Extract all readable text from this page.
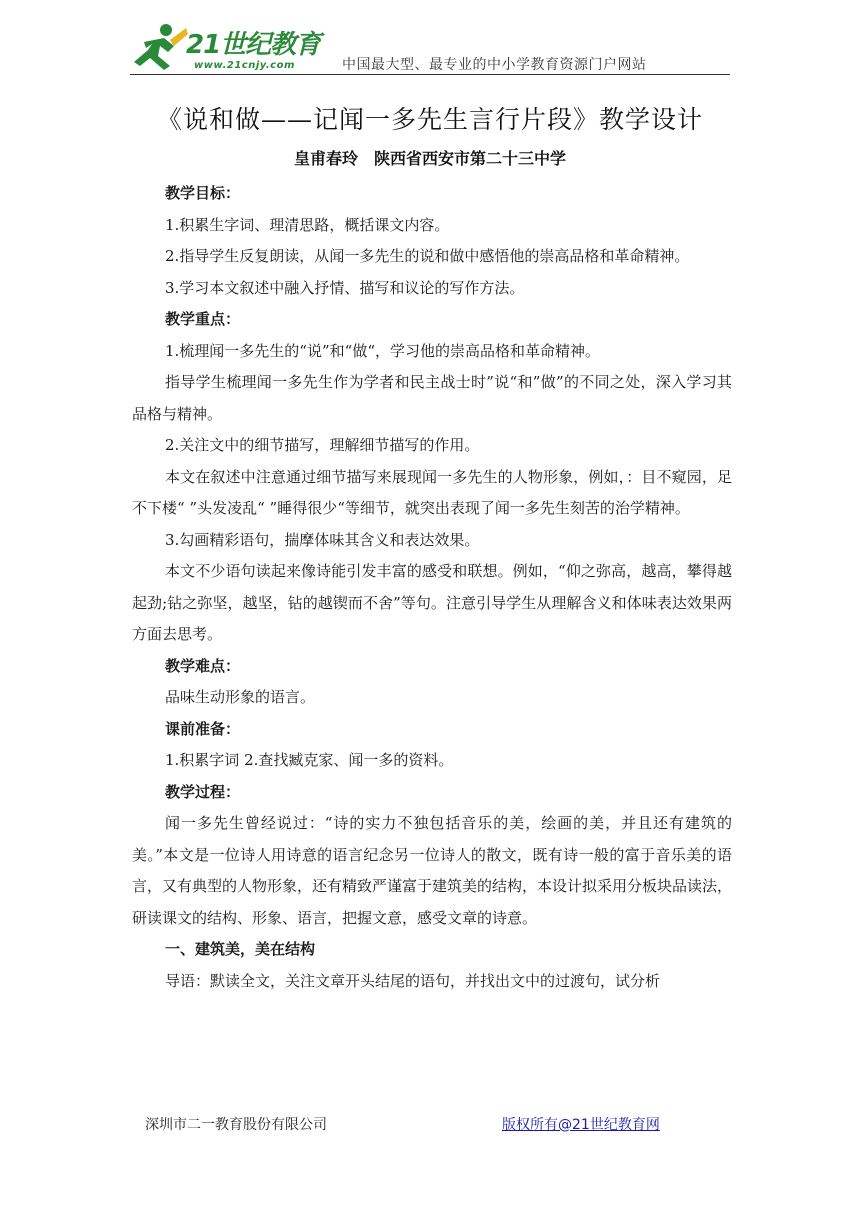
21世纪教育
www.21cnjy.com	中国最大型、最专业的中小学教育资源门户网站
《说和做——记闻一多先生言行片段》教学设计
皇甫春玲　陕西省西安市第二十三中学

教学目标：

1.积累生字词、理清思路，概括课文内容。

2.指导学生反复朗读，从闻一多先生的说和做中感悟他的崇高品格和革命精神。

3.学习本文叙述中融入抒情、描写和议论的写作方法。

教学重点：

1.梳理闻一多先生的“说”和“做“，学习他的崇高品格和革命精神。

指导学生梳理闻一多先生作为学者和民主战士时”说“和”做”的不同之处，深入学习其品格与精神。

2.关注文中的细节描写，理解细节描写的作用。

本文在叙述中注意通过细节描写来展现闻一多先生的人物形象，例如，：目不窥园，足不下楼“ ”头发凌乱“ ”睡得很少“等细节，就突出表现了闻一多先生刻苦的治学精神。

3.勾画精彩语句，揣摩体味其含义和表达效果。

本文不少语句读起来像诗能引发丰富的感受和联想。例如，“仰之弥高，越高，攀得越起劲;钻之弥坚，越坚，钻的越锲而不舍”等句。注意引导学生从理解含义和体味表达效果两方面去思考。

教学难点：

品味生动形象的语言。

课前准备：

1.积累字词 2.查找臧克家、闻一多的资料。

教学过程：

闻一多先生曾经说过：“诗的实力不独包括音乐的美，绘画的美，并且还有建筑的美。”本文是一位诗人用诗意的语言纪念另一位诗人的散文，既有诗一般的富于音乐美的语言，又有典型的人物形象，还有精致严谨富于建筑美的结构，本设计拟采用分板块品读法，研读课文的结构、形象、语言，把握文意，感受文章的诗意。

一、建筑美，美在结构

导语：默读全文，关注文章开头结尾的语句，并找出文中的过渡句，试分析

深圳市二一教育股份有限公司	版权所有@21世纪教育网
